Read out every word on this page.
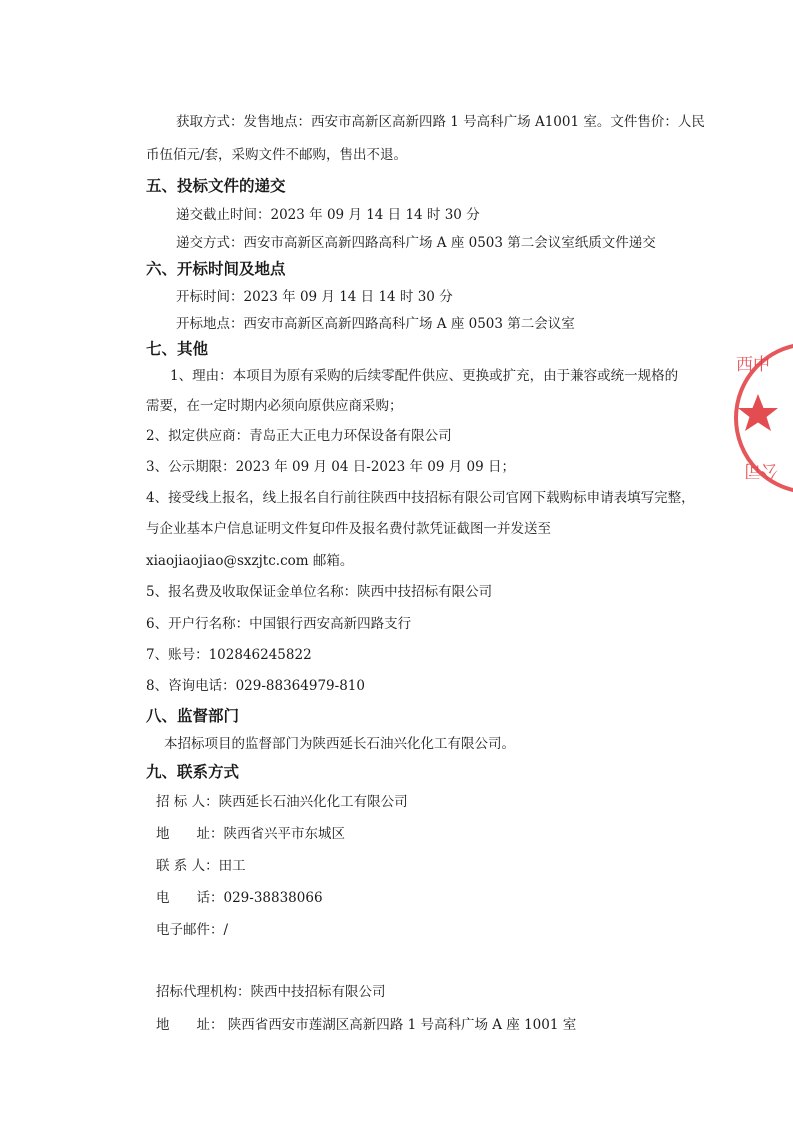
获取方式：发售地点：西安市高新区高新四路 1 号高科广场 A1001 室。文件售价：人民
币伍佰元/套，采购文件不邮购，售出不退。
五、投标文件的递交
递交截止时间：2023 年 09 月 14 日 14 时 30 分
递交方式：西安市高新区高新四路高科广场 A 座 0503 第二会议室纸质文件递交
六、开标时间及地点
开标时间：2023 年 09 月 14 日 14 时 30 分
开标地点：西安市高新区高新四路高科广场 A 座 0503 第二会议室
七、其他
1、理由：本项目为原有采购的后续零配件供应、更换或扩充，由于兼容或统一规格的
需要，在一定时期内必须向原供应商采购；
2、拟定供应商：青岛正大正电力环保设备有限公司
3、公示期限：2023 年 09 月 04 日-2023 年 09 月 09 日；
4、接受线上报名，线上报名自行前往陕西中技招标有限公司官网下载购标申请表填写完整，
与企业基本户信息证明文件复印件及报名费付款凭证截图一并发送至
xiaojiaojiao@sxzjtc.com 邮箱。
5、报名费及收取保证金单位名称：陕西中技招标有限公司
6、开户行名称：中国银行西安高新四路支行
7、账号：102846245822
8、咨询电话：029-88364979-810
八、监督部门
本招标项目的监督部门为陕西延长石油兴化化工有限公司。
九、联系方式
招 标 人：陕西延长石油兴化化工有限公司
地　　址：陕西省兴平市东城区
联 系 人：田工
电　　话：029-38838066
电子邮件：/
招标代理机构：陕西中技招标有限公司
地　　址： 陕西省西安市莲湖区高新四路 1 号高科广场 A 座 1001 室
西中
公司
